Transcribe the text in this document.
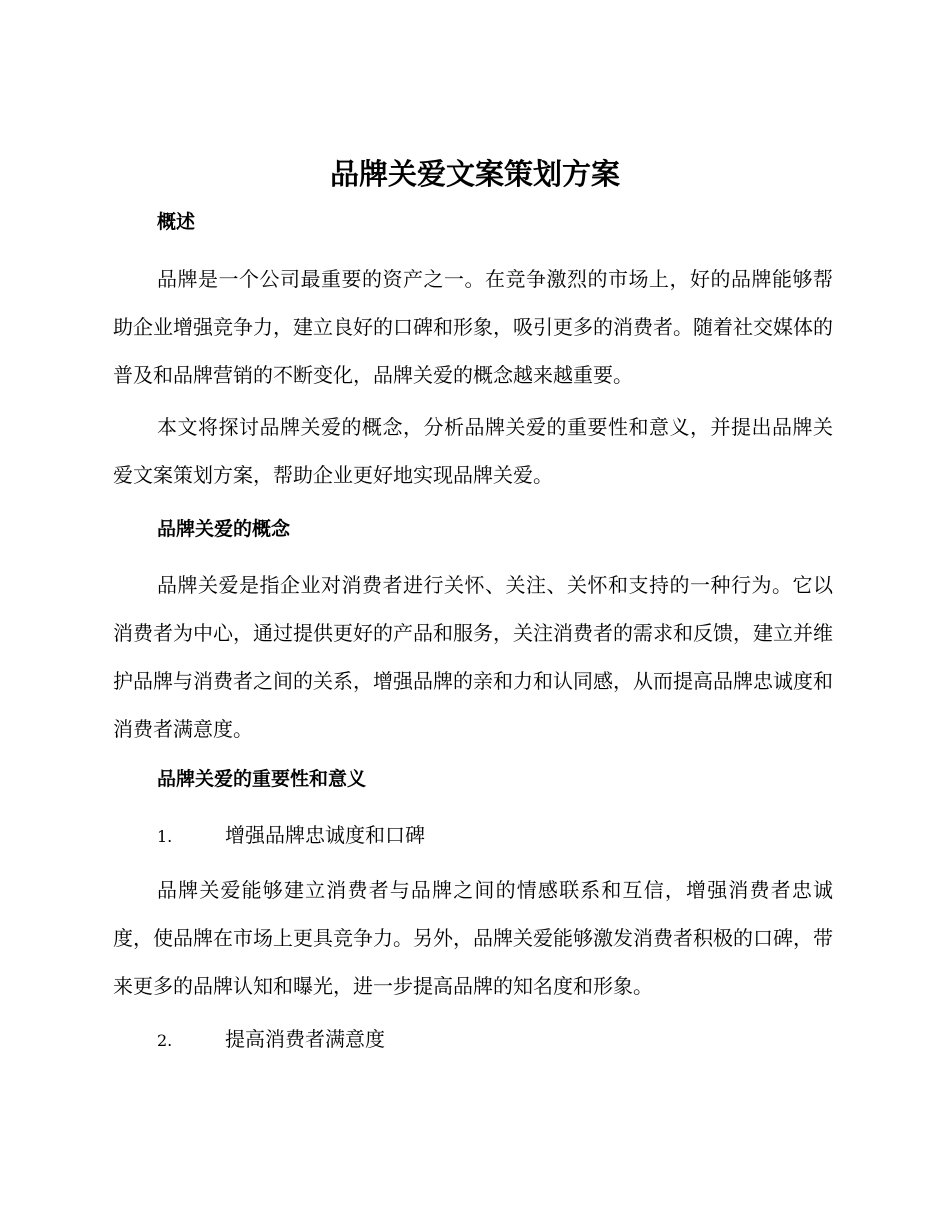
品牌关爱文案策划方案
概述
品牌是一个公司最重要的资产之一。在竞争激烈的市场上，好的品牌能够帮助企业增强竞争力，建立良好的口碑和形象，吸引更多的消费者。随着社交媒体的普及和品牌营销的不断变化，品牌关爱的概念越来越重要。
本文将探讨品牌关爱的概念，分析品牌关爱的重要性和意义，并提出品牌关爱文案策划方案，帮助企业更好地实现品牌关爱。
品牌关爱的概念
品牌关爱是指企业对消费者进行关怀、关注、关怀和支持的一种行为。它以消费者为中心，通过提供更好的产品和服务，关注消费者的需求和反馈，建立并维护品牌与消费者之间的关系，增强品牌的亲和力和认同感，从而提高品牌忠诚度和消费者满意度。
品牌关爱的重要性和意义
1.	增强品牌忠诚度和口碑
品牌关爱能够建立消费者与品牌之间的情感联系和互信，增强消费者忠诚度，使品牌在市场上更具竞争力。另外，品牌关爱能够激发消费者积极的口碑，带来更多的品牌认知和曝光，进一步提高品牌的知名度和形象。
2.	提高消费者满意度
